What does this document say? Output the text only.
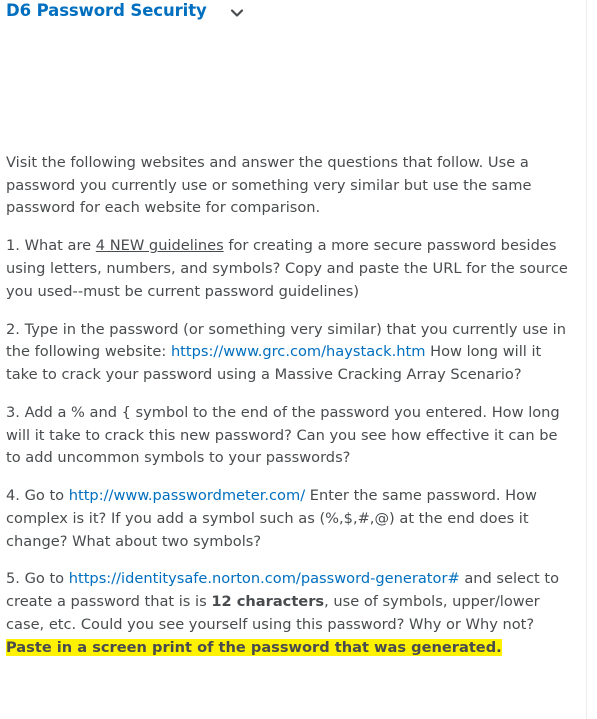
D6 Password Security

Visit the following websites and answer the questions that follow. Use a password you currently use or something very similar but use the same password for each website for comparison.

1. What are 4 NEW guidelines for creating a more secure password besides using letters, numbers, and symbols? Copy and paste the URL for the source you used--must be current password guidelines)

2. Type in the password (or something very similar) that you currently use in the following website: https://www.grc.com/haystack.htm How long will it take to crack your password using a Massive Cracking Array Scenario?

3. Add a % and { symbol to the end of the password you entered. How long will it take to crack this new password? Can you see how effective it can be to add uncommon symbols to your passwords?

4. Go to http://www.passwordmeter.com/ Enter the same password. How complex is it? If you add a symbol such as (%,$,#,@) at the end does it change? What about two symbols?

5. Go to https://identitysafe.norton.com/password-generator# and select to create a password that is is 12 characters, use of symbols, upper/lower case, etc. Could you see yourself using this password? Why or Why not? Paste in a screen print of the password that was generated.
